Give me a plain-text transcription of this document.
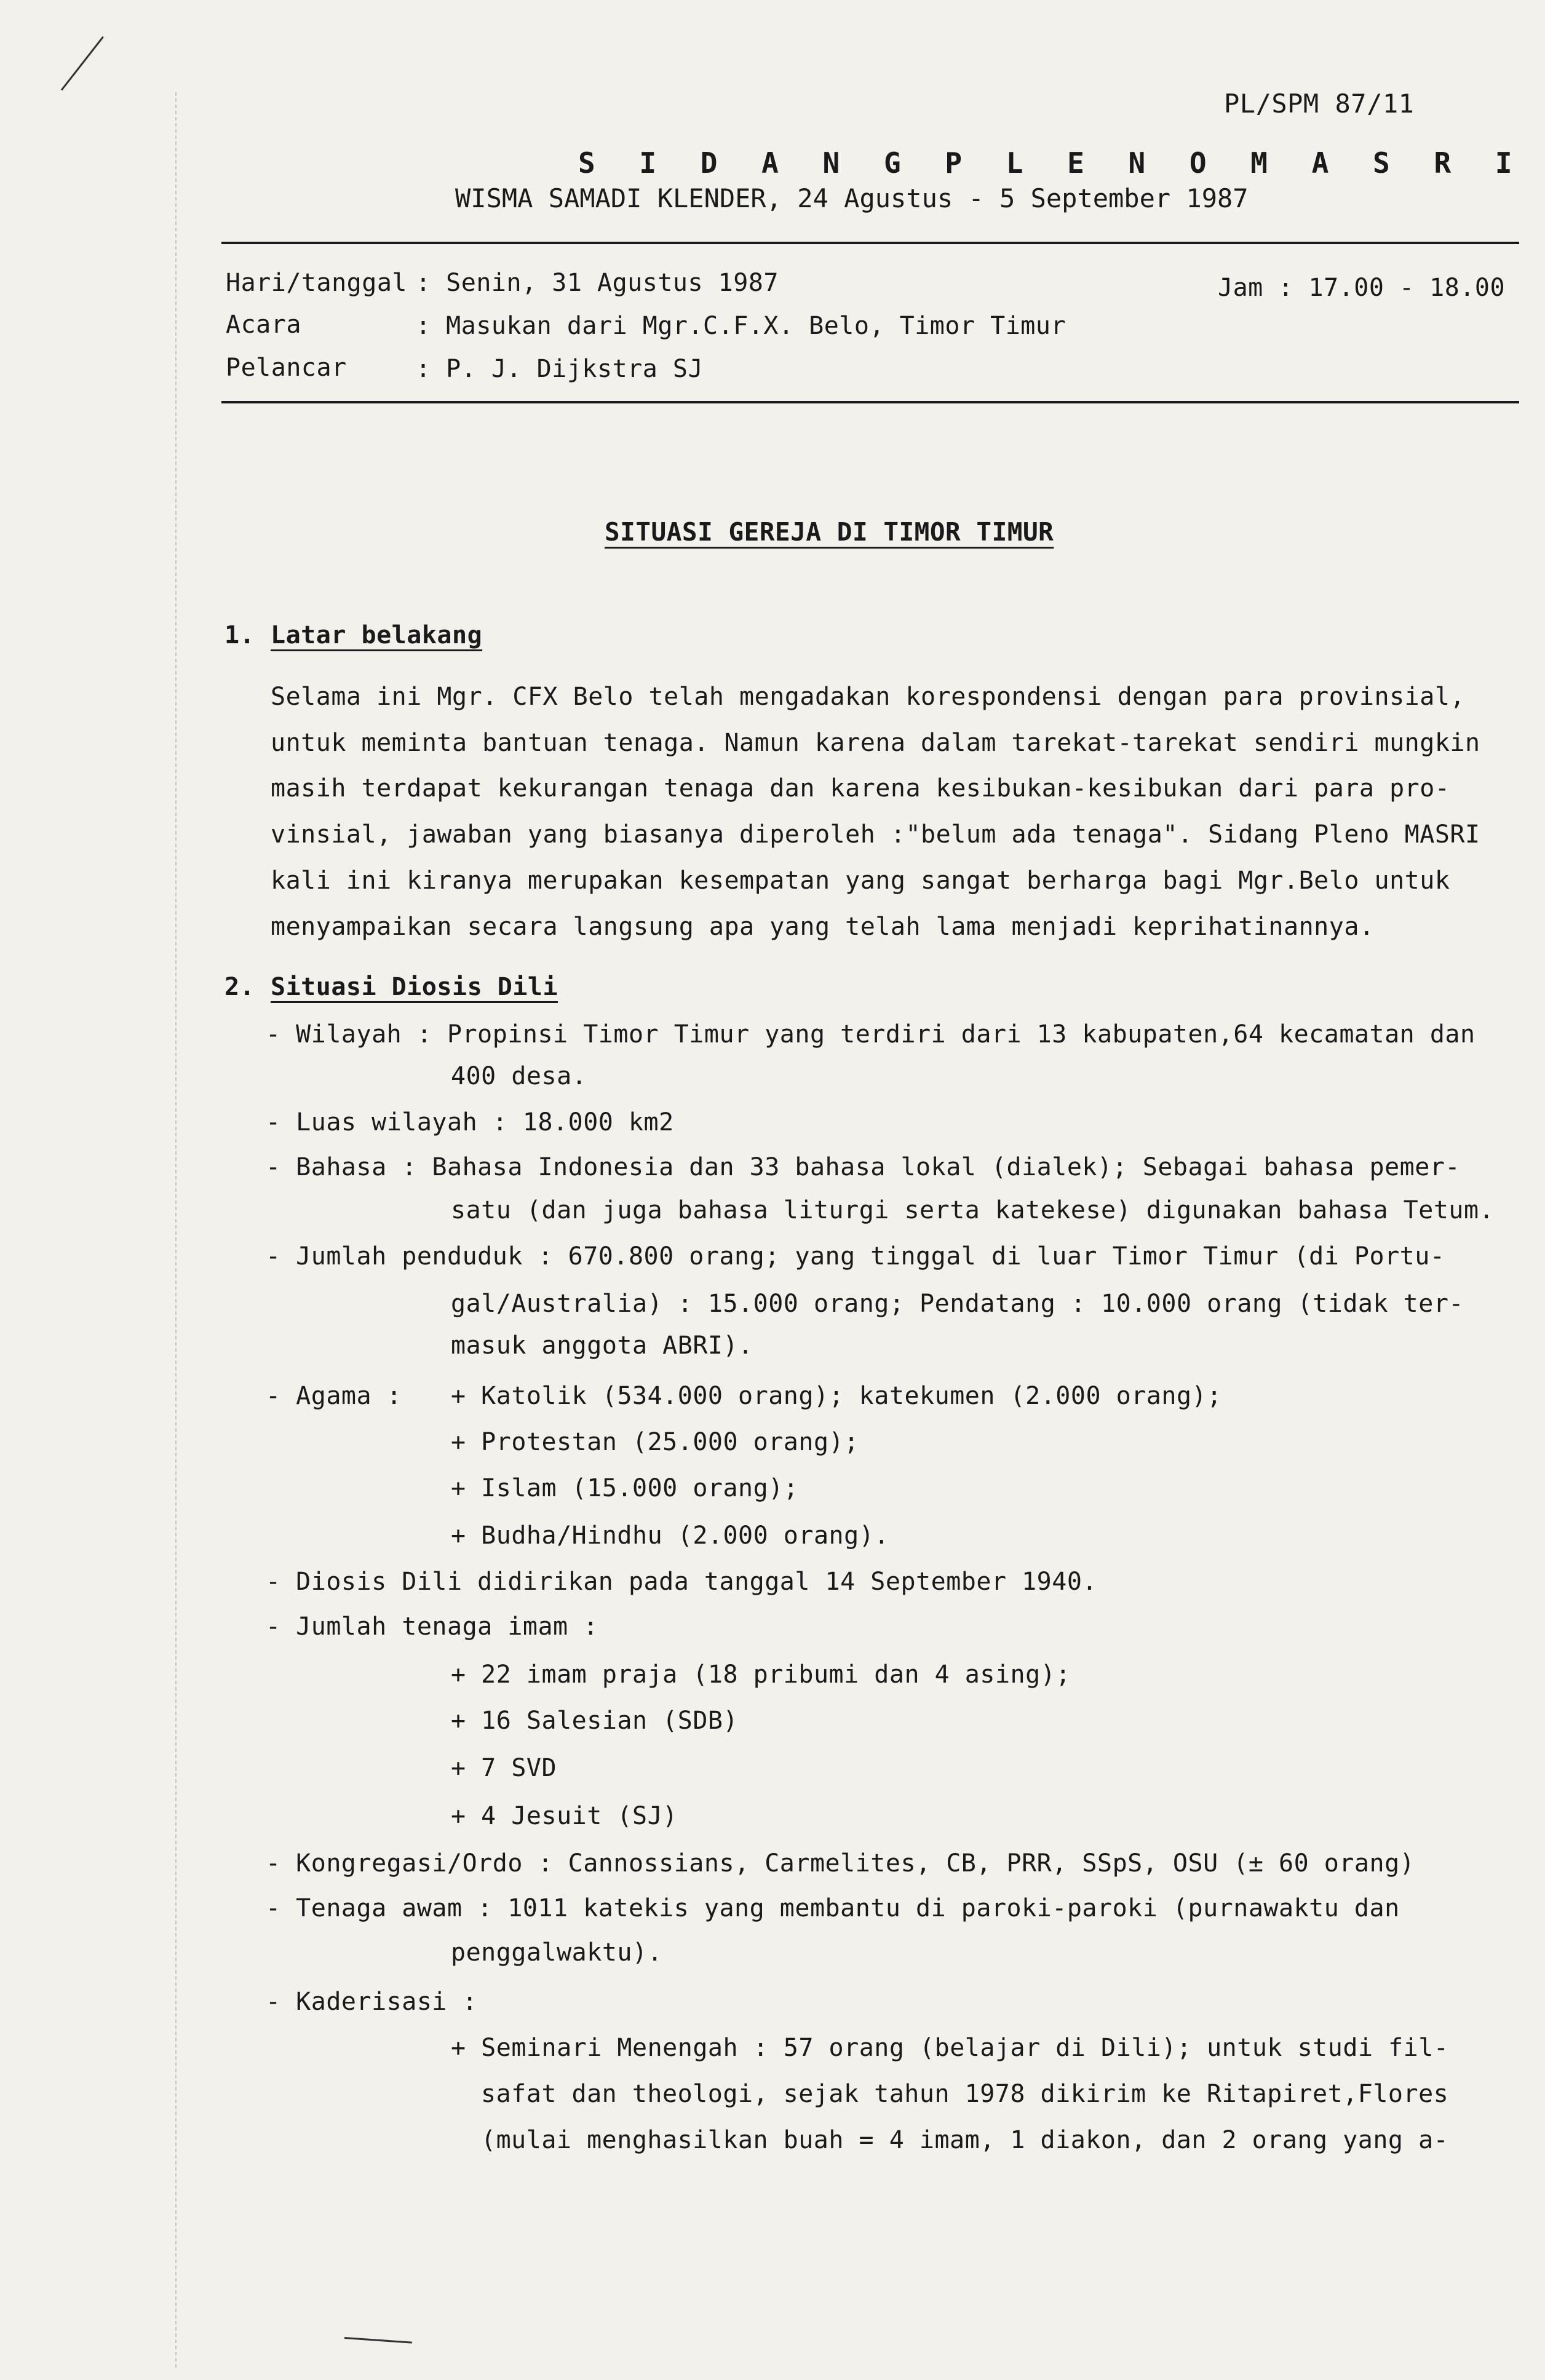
PL/SPM 87/11
S I D A N G P L E N O M A S R I
WISMA SAMADI KLENDER, 24 Agustus - 5 September 1987
Hari/tanggal : Senin, 31 Agustus 1987	Jam : 17.00 - 18.00
Acara	: Masukan dari Mgr.C.F.X. Belo, Timor Timur
Pelancar	: P. J. Dijkstra SJ
SITUASI GEREJA DI TIMOR TIMUR
1. Latar belakang
Selama ini Mgr. CFX Belo telah mengadakan korespondensi dengan para provinsial,
untuk meminta bantuan tenaga. Namun karena dalam tarekat-tarekat sendiri mungkin
masih terdapat kekurangan tenaga dan karena kesibukan-kesibukan dari para pro-
vinsial, jawaban yang biasanya diperoleh :"belum ada tenaga". Sidang Pleno MASRI
kali ini kiranya merupakan kesempatan yang sangat berharga bagi Mgr.Belo untuk
menyampaikan secara langsung apa yang telah lama menjadi keprihatinannya.
2. Situasi Diosis Dili
- Wilayah : Propinsi Timor Timur yang terdiri dari 13 kabupaten,64 kecamatan dan
400 desa.
- Luas wilayah : 18.000 km2
- Bahasa : Bahasa Indonesia dan 33 bahasa lokal (dialek); Sebagai bahasa pemer-
satu (dan juga bahasa liturgi serta katekese) digunakan bahasa Tetum.
- Jumlah penduduk : 670.800 orang; yang tinggal di luar Timor Timur (di Portu-
gal/Australia) : 15.000 orang; Pendatang : 10.000 orang (tidak ter-
masuk anggota ABRI).
- Agama : + Katolik (534.000 orang); katekumen (2.000 orang);
+ Protestan (25.000 orang);
+ Islam (15.000 orang);
+ Budha/Hindhu (2.000 orang).
- Diosis Dili didirikan pada tanggal 14 September 1940.
- Jumlah tenaga imam :
+ 22 imam praja (18 pribumi dan 4 asing);
+ 16 Salesian (SDB)
+ 7 SVD
+ 4 Jesuit (SJ)
- Kongregasi/Ordo : Cannossians, Carmelites, CB, PRR, SSpS, OSU (± 60 orang)
- Tenaga awam : 1011 katekis yang membantu di paroki-paroki (purnawaktu dan
penggalwaktu).
- Kaderisasi :
+ Seminari Menengah : 57 orang (belajar di Dili); untuk studi fil-
safat dan theologi, sejak tahun 1978 dikirim ke Ritapiret,Flores
(mulai menghasilkan buah = 4 imam, 1 diakon, dan 2 orang yang a-
